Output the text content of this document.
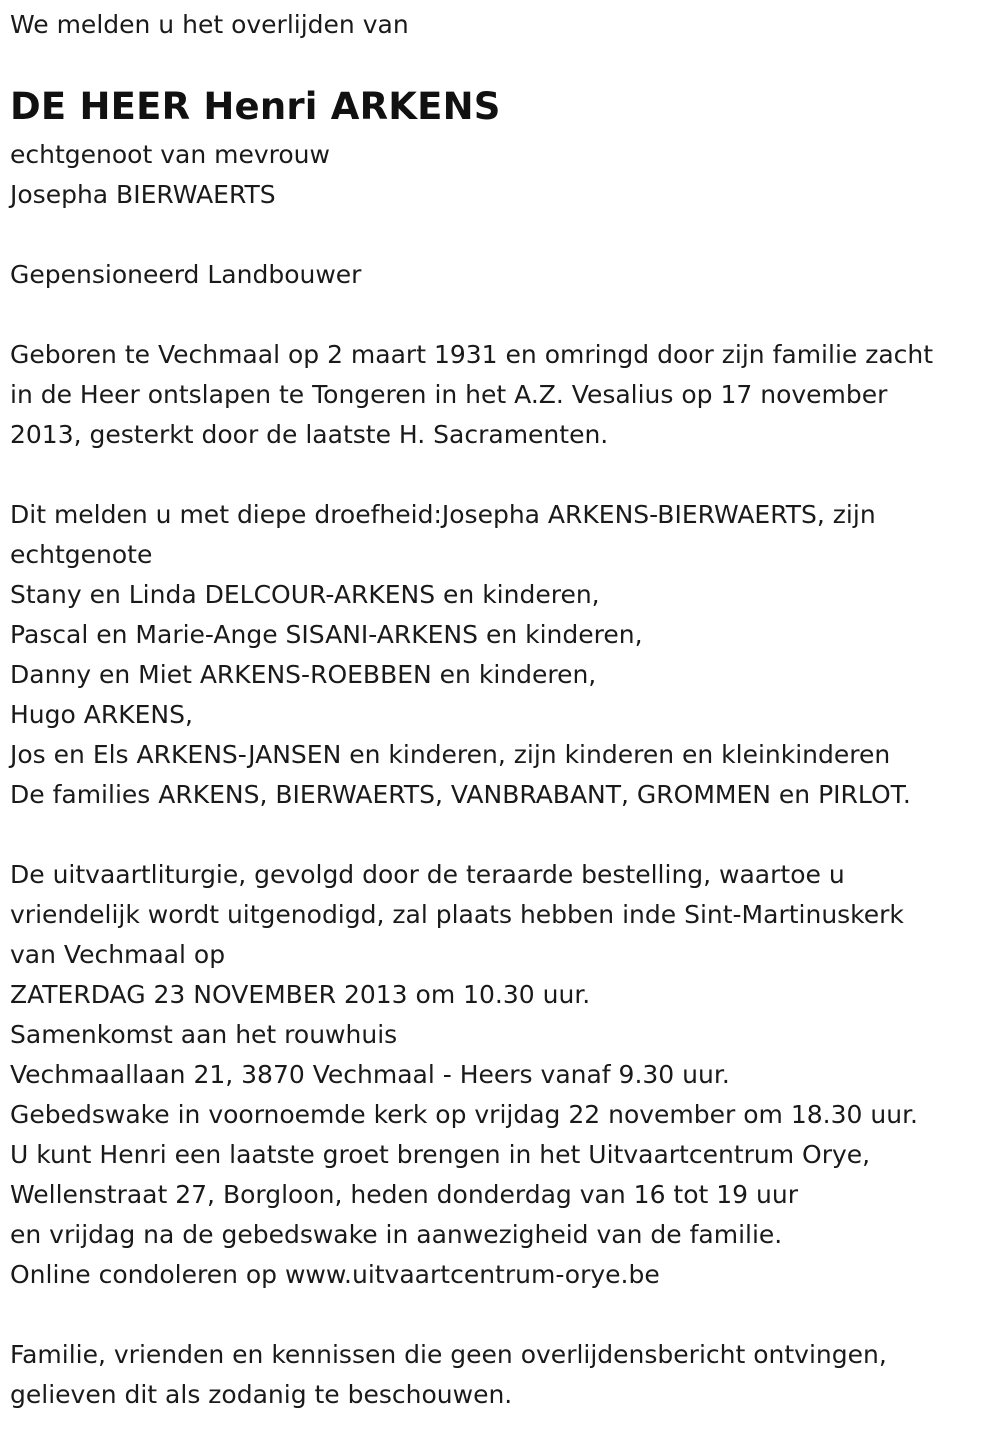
We melden u het overlijden van
DE HEER Henri ARKENS
echtgenoot van mevrouw
Josepha BIERWAERTS
Gepensioneerd Landbouwer
Geboren te Vechmaal op 2 maart 1931 en omringd door zijn familie zacht
in de Heer ontslapen te Tongeren in het A.Z. Vesalius op 17 november
2013, gesterkt door de laatste H. Sacramenten.
Dit melden u met diepe droefheid:Josepha ARKENS-BIERWAERTS, zijn
echtgenote
Stany en Linda DELCOUR-ARKENS en kinderen,
Pascal en Marie-Ange SISANI-ARKENS en kinderen,
Danny en Miet ARKENS-ROEBBEN en kinderen,
Hugo ARKENS,
Jos en Els ARKENS-JANSEN en kinderen, zijn kinderen en kleinkinderen
De families ARKENS, BIERWAERTS, VANBRABANT, GROMMEN en PIRLOT.
De uitvaartliturgie, gevolgd door de teraarde bestelling, waartoe u
vriendelijk wordt uitgenodigd, zal plaats hebben inde Sint-Martinuskerk
van Vechmaal op
ZATERDAG 23 NOVEMBER 2013 om 10.30 uur.
Samenkomst aan het rouwhuis
Vechmaallaan 21, 3870 Vechmaal - Heers vanaf 9.30 uur.
Gebedswake in voornoemde kerk op vrijdag 22 november om 18.30 uur.
U kunt Henri een laatste groet brengen in het Uitvaartcentrum Orye,
Wellenstraat 27, Borgloon, heden donderdag van 16 tot 19 uur
en vrijdag na de gebedswake in aanwezigheid van de familie.
Online condoleren op www.uitvaartcentrum-orye.be
Familie, vrienden en kennissen die geen overlijdensbericht ontvingen,
gelieven dit als zodanig te beschouwen.
